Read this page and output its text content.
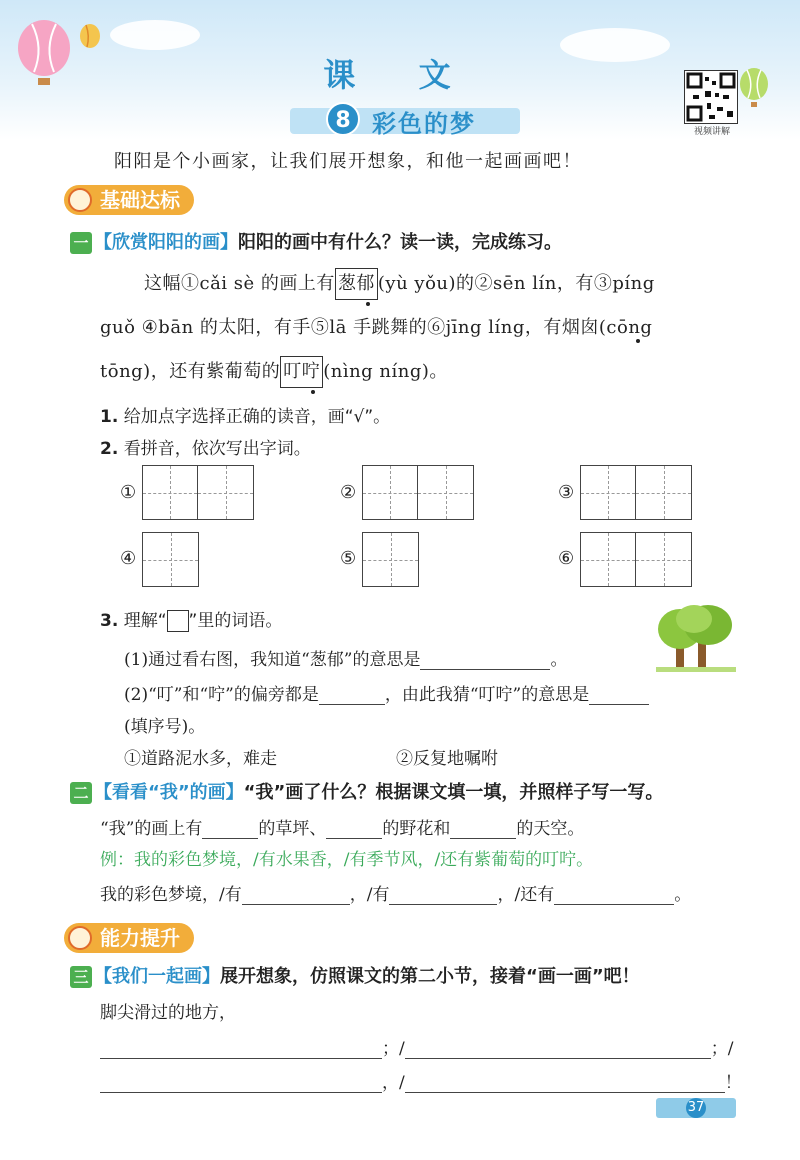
课 文
8 彩色的梦	视频讲解
阳阳是个小画家，让我们展开想象，和他一起画画吧！
基础达标
一 【欣赏阳阳的画】阳阳的画中有什么？读一读，完成练习。
这幅①cǎi sè 的画上有 葱郁 (yù yǒu)的②sēn lín，有③píng
guǒ ④bān 的太阳，有手⑤lā 手跳舞的⑥jīng líng，有烟囱(cōng
tōng)，还有紫葡萄的 叮咛 (nìng níng)。
1. 给加点字选择正确的读音，画“√”。
2. 看拼音，依次写出字词。
①	②	③
④	⑤	⑥
3. 理解“ ”里的词语。
(1)通过看右图，我知道“葱郁”的意思是	。
(2)“叮”和“咛”的偏旁都是	，由此我猜“叮咛”的意思是
(填序号)。
①道路泥水多，难走	②反复地嘱咐
二 【看看“我”的画】“我”画了什么？根据课文填一填，并照样子写一写。
“我”的画上有	的草坪、	的野花和	的天空。
例：我的彩色梦境，/有水果香，/有季节风，/还有紫葡萄的叮咛。
我的彩色梦境，/有	，/有	，/还有	。
能力提升
三 【我们一起画】展开想象，仿照课文的第二小节，接着“画一画”吧！
脚尖滑过的地方，
；/	；/
，/	！
37
